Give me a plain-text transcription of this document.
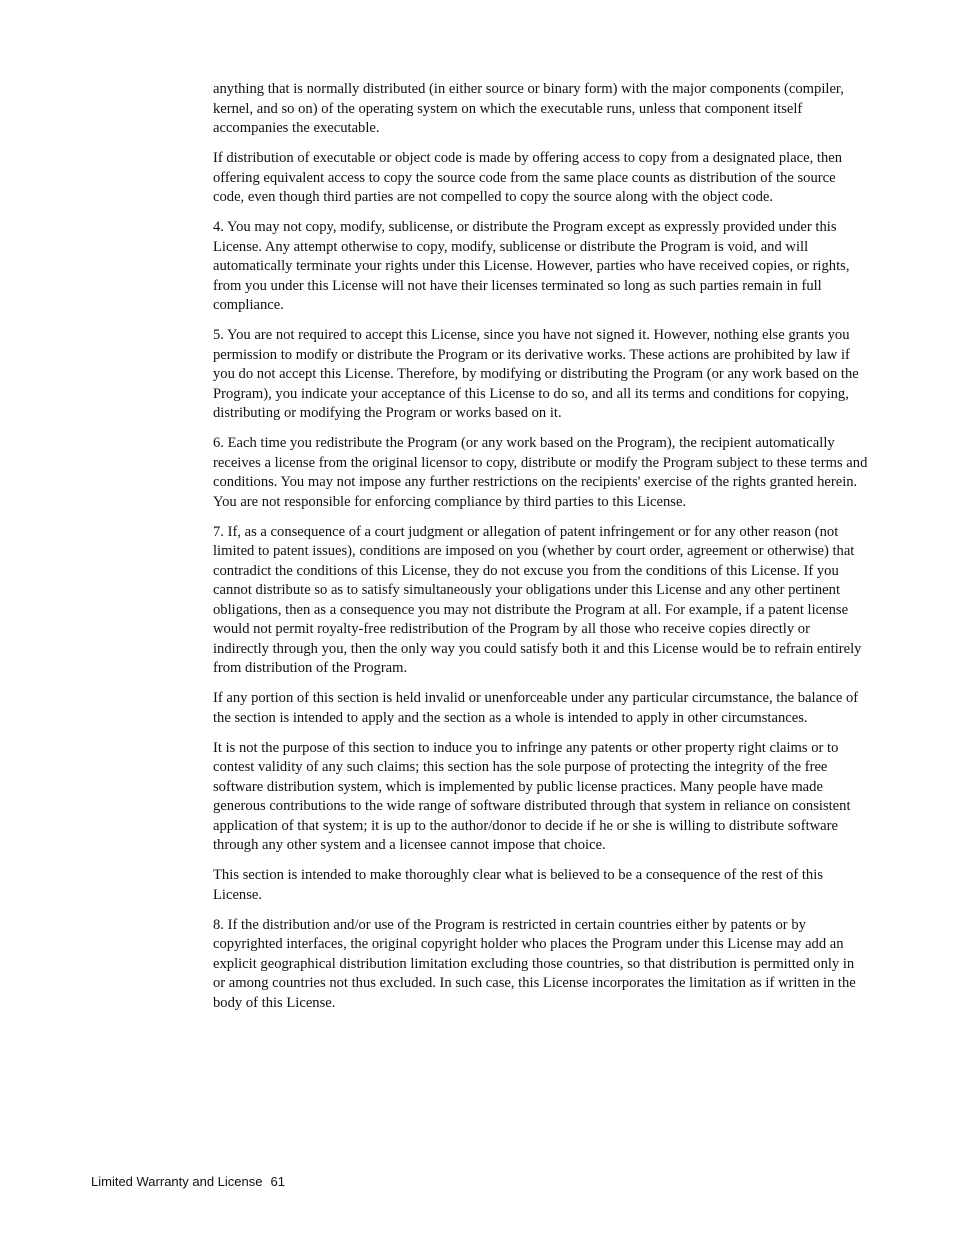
anything that is normally distributed (in either source or binary form) with the major components (compiler, kernel, and so on) of the operating system on which the executable runs, unless that component itself accompanies the executable.

If distribution of executable or object code is made by offering access to copy from a designated place, then offering equivalent access to copy the source code from the same place counts as distribution of the source code, even though third parties are not compelled to copy the source along with the object code.

4. You may not copy, modify, sublicense, or distribute the Program except as expressly provided under this License. Any attempt otherwise to copy, modify, sublicense or distribute the Program is void, and will automatically terminate your rights under this License. However, parties who have received copies, or rights, from you under this License will not have their licenses terminated so long as such parties remain in full compliance.

5. You are not required to accept this License, since you have not signed it. However, nothing else grants you permission to modify or distribute the Program or its derivative works. These actions are prohibited by law if you do not accept this License. Therefore, by modifying or distributing the Program (or any work based on the Program), you indicate your acceptance of this License to do so, and all its terms and conditions for copying, distributing or modifying the Program or works based on it.

6. Each time you redistribute the Program (or any work based on the Program), the recipient automatically receives a license from the original licensor to copy, distribute or modify the Program subject to these terms and conditions. You may not impose any further restrictions on the recipients' exercise of the rights granted herein. You are not responsible for enforcing compliance by third parties to this License.

7. If, as a consequence of a court judgment or allegation of patent infringement or for any other reason (not limited to patent issues), conditions are imposed on you (whether by court order, agreement or otherwise) that contradict the conditions of this License, they do not excuse you from the conditions of this License. If you cannot distribute so as to satisfy simultaneously your obligations under this License and any other pertinent obligations, then as a consequence you may not distribute the Program at all. For example, if a patent license would not permit royalty-free redistribution of the Program by all those who receive copies directly or indirectly through you, then the only way you could satisfy both it and this License would be to refrain entirely from distribution of the Program.

If any portion of this section is held invalid or unenforceable under any particular circumstance, the balance of the section is intended to apply and the section as a whole is intended to apply in other circumstances.

It is not the purpose of this section to induce you to infringe any patents or other property right claims or to contest validity of any such claims; this section has the sole purpose of protecting the integrity of the free software distribution system, which is implemented by public license practices. Many people have made generous contributions to the wide range of software distributed through that system in reliance on consistent application of that system; it is up to the author/donor to decide if he or she is willing to distribute software through any other system and a licensee cannot impose that choice.

This section is intended to make thoroughly clear what is believed to be a consequence of the rest of this License.

8. If the distribution and/or use of the Program is restricted in certain countries either by patents or by copyrighted interfaces, the original copyright holder who places the Program under this License may add an explicit geographical distribution limitation excluding those countries, so that distribution is permitted only in or among countries not thus excluded. In such case, this License incorporates the limitation as if written in the body of this License.

Limited Warranty and License 61
